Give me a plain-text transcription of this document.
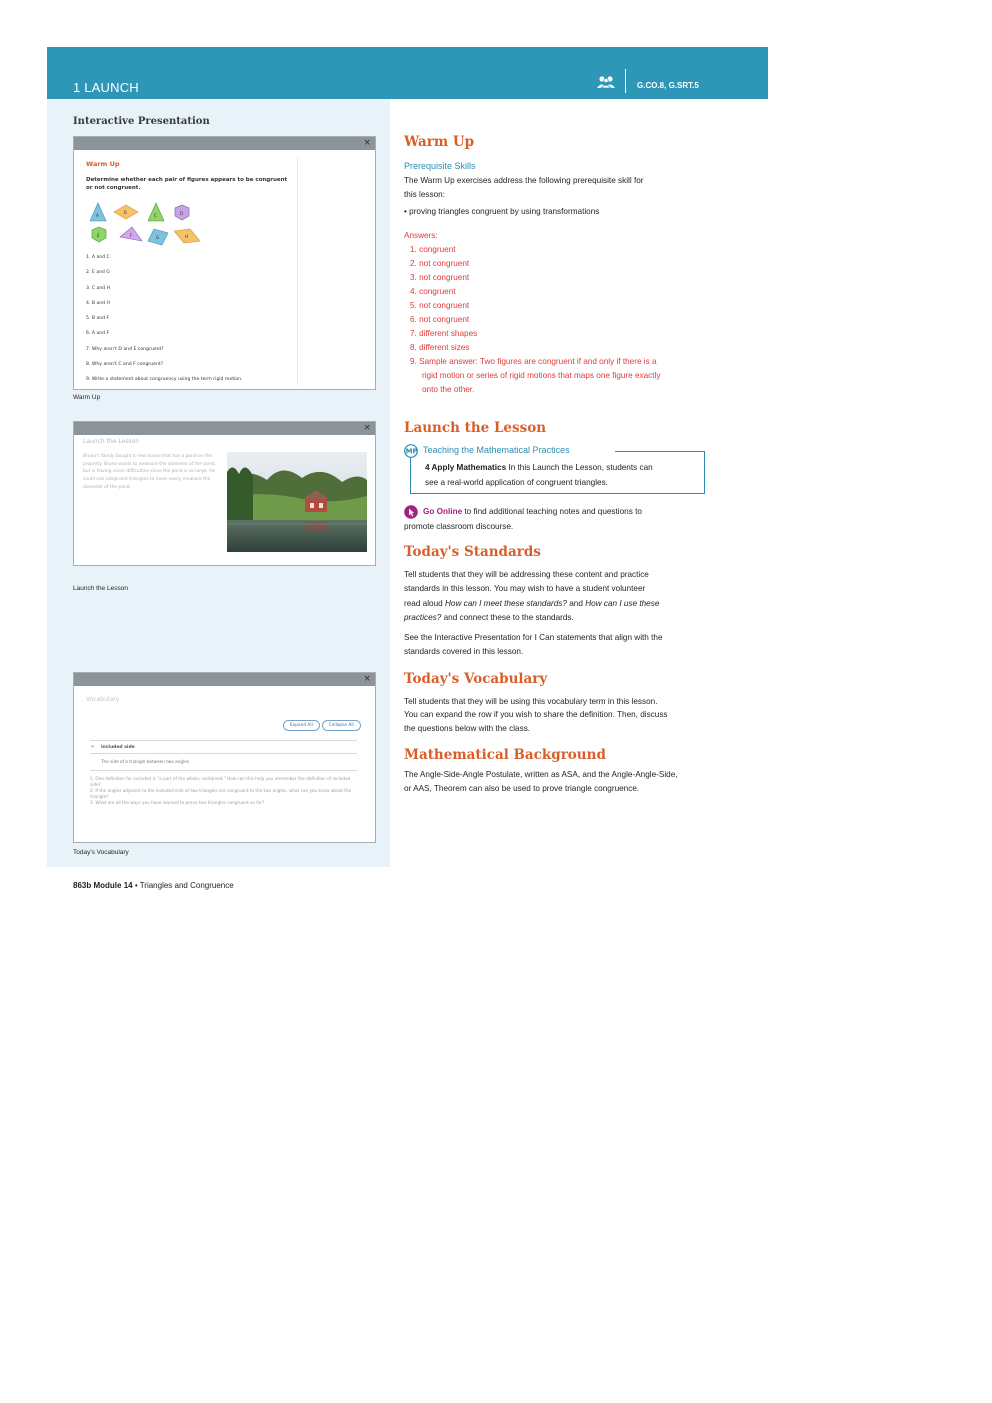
1 LAUNCH	G.CO.8, G.SRT.5
Interactive Presentation
×
Warm Up
Determine whether each pair of figures appears to be congruent or not congruent.
A
B
C	D
E	F	G	H
1. A and C
2. E and G
3. C and H
4. B and H
5. B and F
6. A and F
7. Why aren't D and E congruent?
8. Why aren't C and F congruent?
9. Write a statement about congruency using the term rigid motion.
Warm Up
×
Launch the Lesson
Bruno's family bought a new house that has a pond on the property. Bruno wants to measure the diameter of the pond, but is having some difficulties since the pond is so large. He could use congruent triangles to more easily measure the diameter of the pond.
Launch the Lesson
×
Vocabulary
Expand All	Collapse All
⌄ included side
The side of a triangle between two angles.
1. One definition for included is "a part of the whole; contained." How can this help you remember the definition of included side?
2. If the angles adjacent to the included side of two triangles are congruent to the two angles, what can you know about the triangle?
3. What are all the ways you have learned to prove two triangles congruent so far?
Today's Vocabulary
Warm Up
Prerequisite Skills
The Warm Up exercises address the following prerequisite skill for
this lesson:
• proving triangles congruent by using transformations
Answers:
1. congruent
2. not congruent
3. not congruent
4. congruent
5. not congruent
6. not congruent
7. different shapes
8. different sizes
9. Sample answer: Two figures are congruent if and only if there is a
rigid motion or series of rigid motions that maps one figure exactly
onto the other.
Launch the Lesson
MP Teaching the Mathematical Practices
4 Apply Mathematics In this Launch the Lesson, students can
see a real-world application of congruent triangles.
Go Online to find additional teaching notes and questions to
promote classroom discourse.
Today's Standards
Tell students that they will be addressing these content and practice
standards in this lesson. You may wish to have a student volunteer
read aloud How can I meet these standards? and How can I use these
practices? and connect these to the standards.
See the Interactive Presentation for I Can statements that align with the
standards covered in this lesson.
Today's Vocabulary
Tell students that they will be using this vocabulary term in this lesson.
You can expand the row if you wish to share the definition. Then, discuss
the questions below with the class.
Mathematical Background
The Angle-Side-Angle Postulate, written as ASA, and the Angle-Angle-Side,
or AAS, Theorem can also be used to prove triangle congruence.
863b Module 14 • Triangles and Congruence
